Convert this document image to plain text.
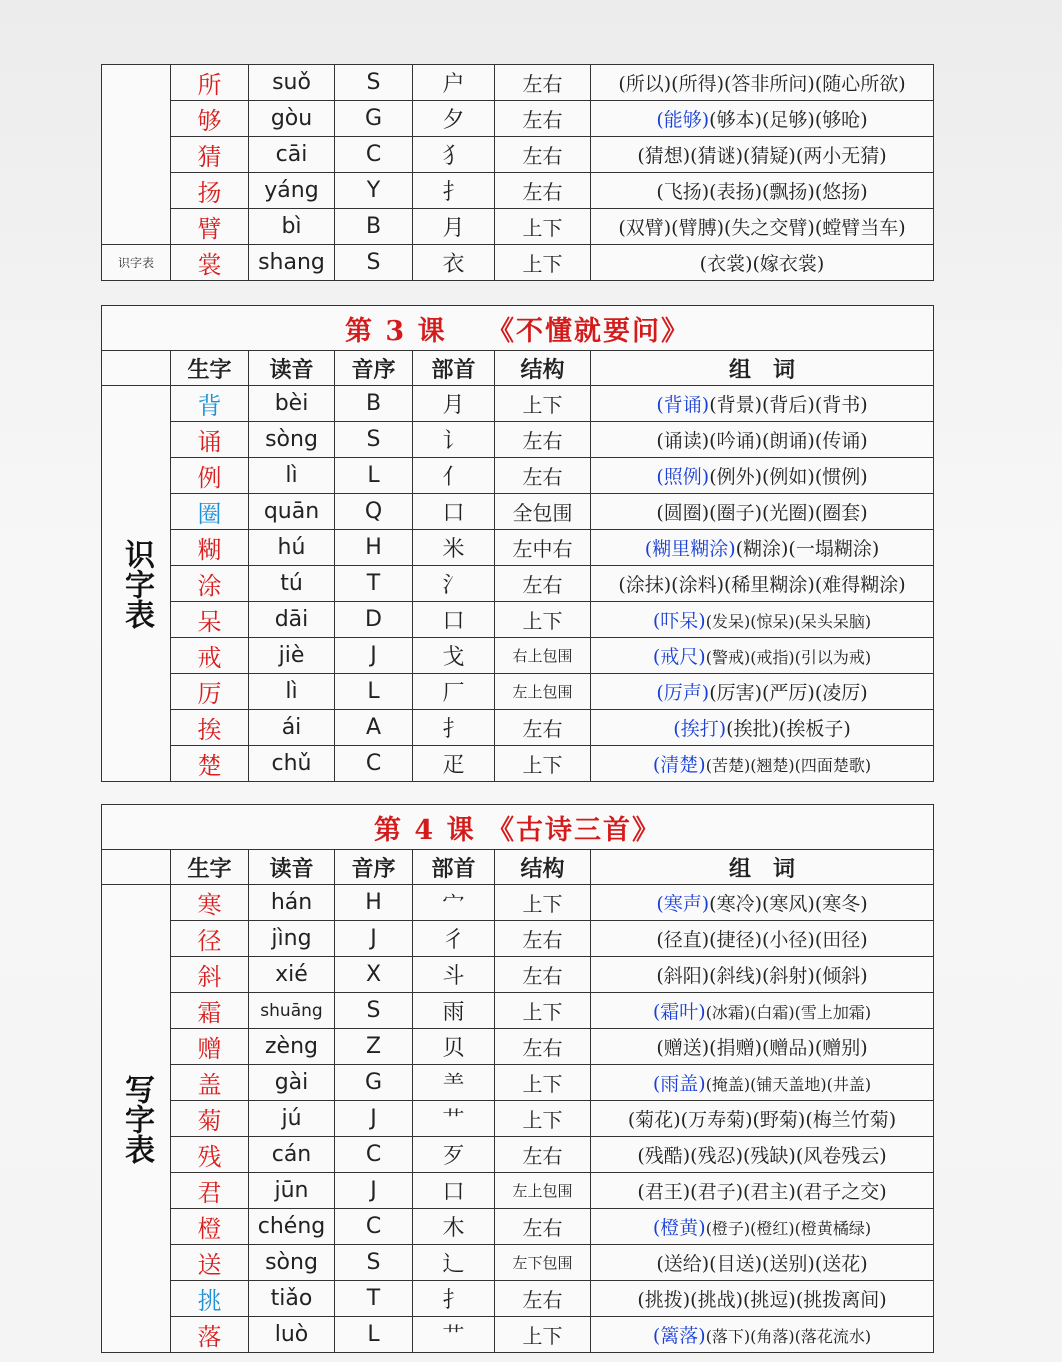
	所	suǒ	S	户	左右	(所以)(所得)(答非所问)(随心所欲)
	够	gòu	G	夕	左右	(能够)(够本)(足够)(够呛)
	猜	cāi	C	犭	左右	(猜想)(猜谜)(猜疑)(两小无猜)
	扬	yáng	Y	扌	左右	(飞扬)(表扬)(飘扬)(悠扬)
	臂	bì	B	月	上下	(双臂)(臂膊)(失之交臂)(螳臂当车)
识字表	裳	shang	S	衣	上下	(衣裳)(嫁衣裳)
第 3 课　 《不懂就要问》						
	生字	读音	音序	部首	结构	组　词

识字表	背	bèi	B	月	上下	(背诵)(背景)(背后)(背书)
	诵	sòng	S	讠	左右	(诵读)(吟诵)(朗诵)(传诵)
	例	lì	L	亻	左右	(照例)(例外)(例如)(惯例)
	圈	quān	Q	口	全包围	(圆圈)(圈子)(光圈)(圈套)
	糊	hú	H	米	左中右	(糊里糊涂)(糊涂)(一塌糊涂)
	涂	tú	T	氵	左右	(涂抹)(涂料)(稀里糊涂)(难得糊涂)
	呆	dāi	D	口	上下	(吓呆)(发呆)(惊呆)(呆头呆脑)
	戒	jiè	J	戈	右上包围	(戒尺)(警戒)(戒指)(引以为戒)
	厉	lì	L	厂	左上包围	(厉声)(厉害)(严厉)(凌厉)
	挨	ái	A	扌	左右	(挨打)(挨批)(挨板子)
	楚	chǔ	C	疋	上下	(清楚)(苦楚)(翘楚)(四面楚歌)
第 4 课 《古诗三首》						
	生字	读音	音序	部首	结构	组　词

写字表	寒	hán	H	宀	上下	(寒声)(寒冷)(寒风)(寒冬)
	径	jìng	J	彳	左右	(径直)(捷径)(小径)(田径)
	斜	xié	X	斗	左右	(斜阳)(斜线)(斜射)(倾斜)
	霜	shuāng	S	雨	上下	(霜叶)(冰霜)(白霜)(雪上加霜)
	赠	zèng	Z	贝	左右	(赠送)(捐赠)(赠品)(赠别)
	盖	gài	G	⺷	上下	(雨盖)(掩盖)(铺天盖地)(井盖)
	菊	jú	J	艹	上下	(菊花)(万寿菊)(野菊)(梅兰竹菊)
	残	cán	C	歹	左右	(残酷)(残忍)(残缺)(风卷残云)
	君	jūn	J	口	左上包围	(君王)(君子)(君主)(君子之交)
	橙	chéng	C	木	左右	(橙黄)(橙子)(橙红)(橙黄橘绿)
	送	sòng	S	辶	左下包围	(送给)(目送)(送别)(送花)
	挑	tiǎo	T	扌	左右	(挑拨)(挑战)(挑逗)(挑拨离间)
	落	luò	L	艹	上下	(篱落)(落下)(角落)(落花流水)
